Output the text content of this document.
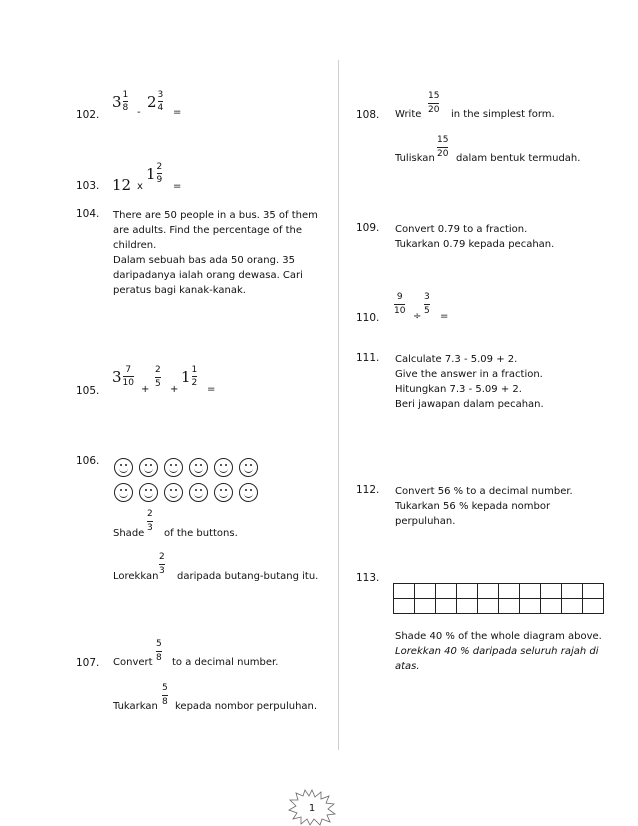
102.
3 1
8 -
2 3
4 =
103. 12 x
1 2
9
=
104. There are 50 people in a bus. 35 of them
are adults. Find the percentage of the
children.
Dalam sebuah bas ada 50 orang. 35
daripadanya ialah orang dewasa. Cari
peratus bagi kanak-kanak.
105.
3 7
10
+
2
5 +
1 1
2
=
106.
Shade
2
3 of the buttons.
Lorekkan
2
3 daripada butang-butang itu.
107. Convert
5
8 to a decimal number.
Tukarkan
5
8 kepada nombor perpuluhan.
108. Write
15
20 in the simplest form.
Tuliskan
15
20 dalam bentuk termudah.
109. Convert 0.79 to a fraction.
Tukarkan 0.79 kepada pecahan.
110.
9
10 ÷
3
5 =
111. Calculate 7.3 - 5.09 + 2.
Give the answer in a fraction.
Hitungkan 7.3 - 5.09 + 2.
Beri jawapan dalam pecahan.
112. Convert 56 % to a decimal number.
Tukarkan 56 % kepada nombor
perpuluhan.
113.

Shade 40 % of the whole diagram above.
Lorekkan 40 % daripada seluruh rajah di
atas.
1
